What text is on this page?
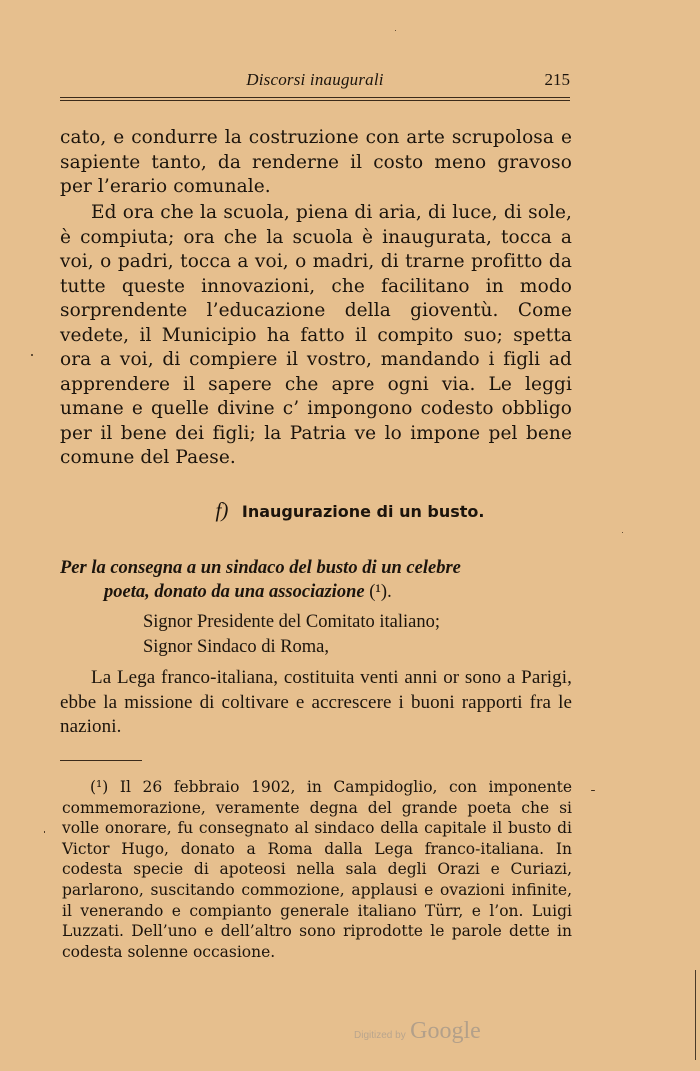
Discorsi inaugurali	215
cato, e condurre la costruzione con arte scrupolosa e sapiente tanto, da renderne il costo meno gravoso per l’erario comunale.
Ed ora che la scuola, piena di aria, di luce, di sole, è compiuta; ora che la scuola è inaugurata, tocca a voi, o padri, tocca a voi, o madri, di trarne profitto da tutte queste innovazioni, che facilitano in modo sorprendente l’educazione della gioventù. Come vedete, il Municipio ha fatto il compito suo; spetta ora a voi, di compiere il vostro, mandando i figli ad apprendere il sapere che apre ogni via. Le leggi umane e quelle divine c’ impongono codesto obbligo per il bene dei figli; la Patria ve lo impone pel bene comune del Paese.
f) Inaugurazione di un busto.
Per la consegna a un sindaco del busto di un celebre
poeta, donato da una associazione (¹).
Signor Presidente del Comitato italiano;
Signor Sindaco di Roma,
La Lega franco-italiana, costituita venti anni or sono a Parigi, ebbe la missione di coltivare e accrescere i buoni rapporti fra le nazioni.
(¹) Il 26 febbraio 1902, in Campidoglio, con imponente commemorazione, veramente degna del grande poeta che si volle onorare, fu consegnato al sindaco della capitale il busto di Victor Hugo, donato a Roma dalla Lega franco-italiana. In codesta specie di apoteosi nella sala degli Orazi e Curiazi, parlarono, suscitando commozione, applausi e ovazioni infinite, il venerando e compianto generale italiano Türr, e l’on. Luigi Luzzati. Dell’uno e dell’altro sono riprodotte le parole dette in codesta solenne occasione.
Digitized by Google
